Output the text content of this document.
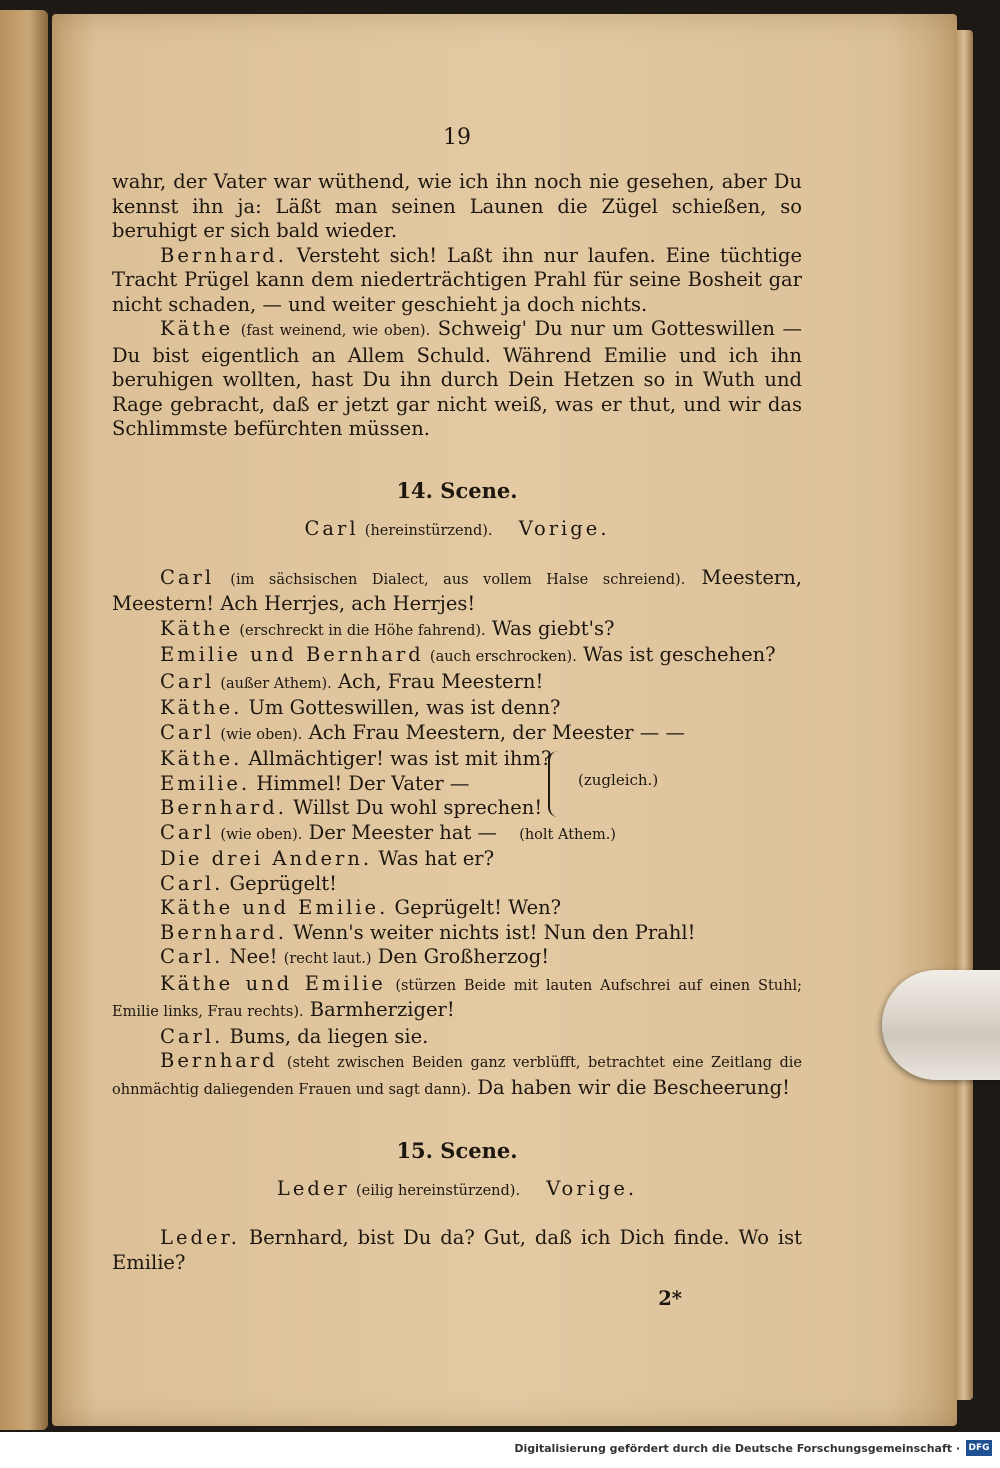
19

wahr, der Vater war wüthend, wie ich ihn noch nie gesehen, aber Du kennst ihn ja: Läßt man seinen Launen die Zügel schießen, so beruhigt er sich bald wieder.

Bernhard. Versteht sich! Laßt ihn nur laufen. Eine tüchtige Tracht Prügel kann dem niederträchtigen Prahl für seine Bosheit gar nicht schaden, — und weiter geschieht ja doch nichts.

Käthe (fast weinend, wie oben). Schweig' Du nur um Gotteswillen — Du bist eigentlich an Allem Schuld. Während Emilie und ich ihn beruhigen wollten, hast Du ihn durch Dein Hetzen so in Wuth und Rage gebracht, daß er jetzt gar nicht weiß, was er thut, und wir das Schlimmste befürchten müssen.

14. Scene.
Carl (hereinstürzend). Vorige.

Carl (im sächsischen Dialect, aus vollem Halse schreiend). Meestern, Meestern! Ach Herrjes, ach Herrjes!

Käthe (erschreckt in die Höhe fahrend). Was giebt's?
Emilie und Bernhard (auch erschrocken). Was ist geschehen?
Carl (außer Athem). Ach, Frau Meestern!
Käthe. Um Gotteswillen, was ist denn?
Carl (wie oben). Ach Frau Meestern, der Meester — —
Käthe. Allmächtiger! was ist mit ihm?
Emilie. Himmel! Der Vater —
Bernhard. Willst Du wohl sprechen!
(zugleich.)
Carl (wie oben). Der Meester hat — (holt Athem.)
Die drei Andern. Was hat er?
Carl. Geprügelt!
Käthe und Emilie. Geprügelt! Wen?
Bernhard. Wenn's weiter nichts ist! Nun den Prahl!
Carl. Nee! (recht laut.) Den Großherzog!

Käthe und Emilie (stürzen Beide mit lauten Aufschrei auf einen Stuhl; Emilie links, Frau rechts). Barmherziger!

Carl. Bums, da liegen sie.

Bernhard (steht zwischen Beiden ganz verblüfft, betrachtet eine Zeitlang die ohnmächtig daliegenden Frauen und sagt dann). Da haben wir die Bescheerung!

15. Scene.
Leder (eilig hereinstürzend). Vorige.

Leder. Bernhard, bist Du da? Gut, daß ich Dich finde. Wo ist Emilie?

2*
Digitalisierung gefördert durch die Deutsche Forschungsgemeinschaft · DFG
